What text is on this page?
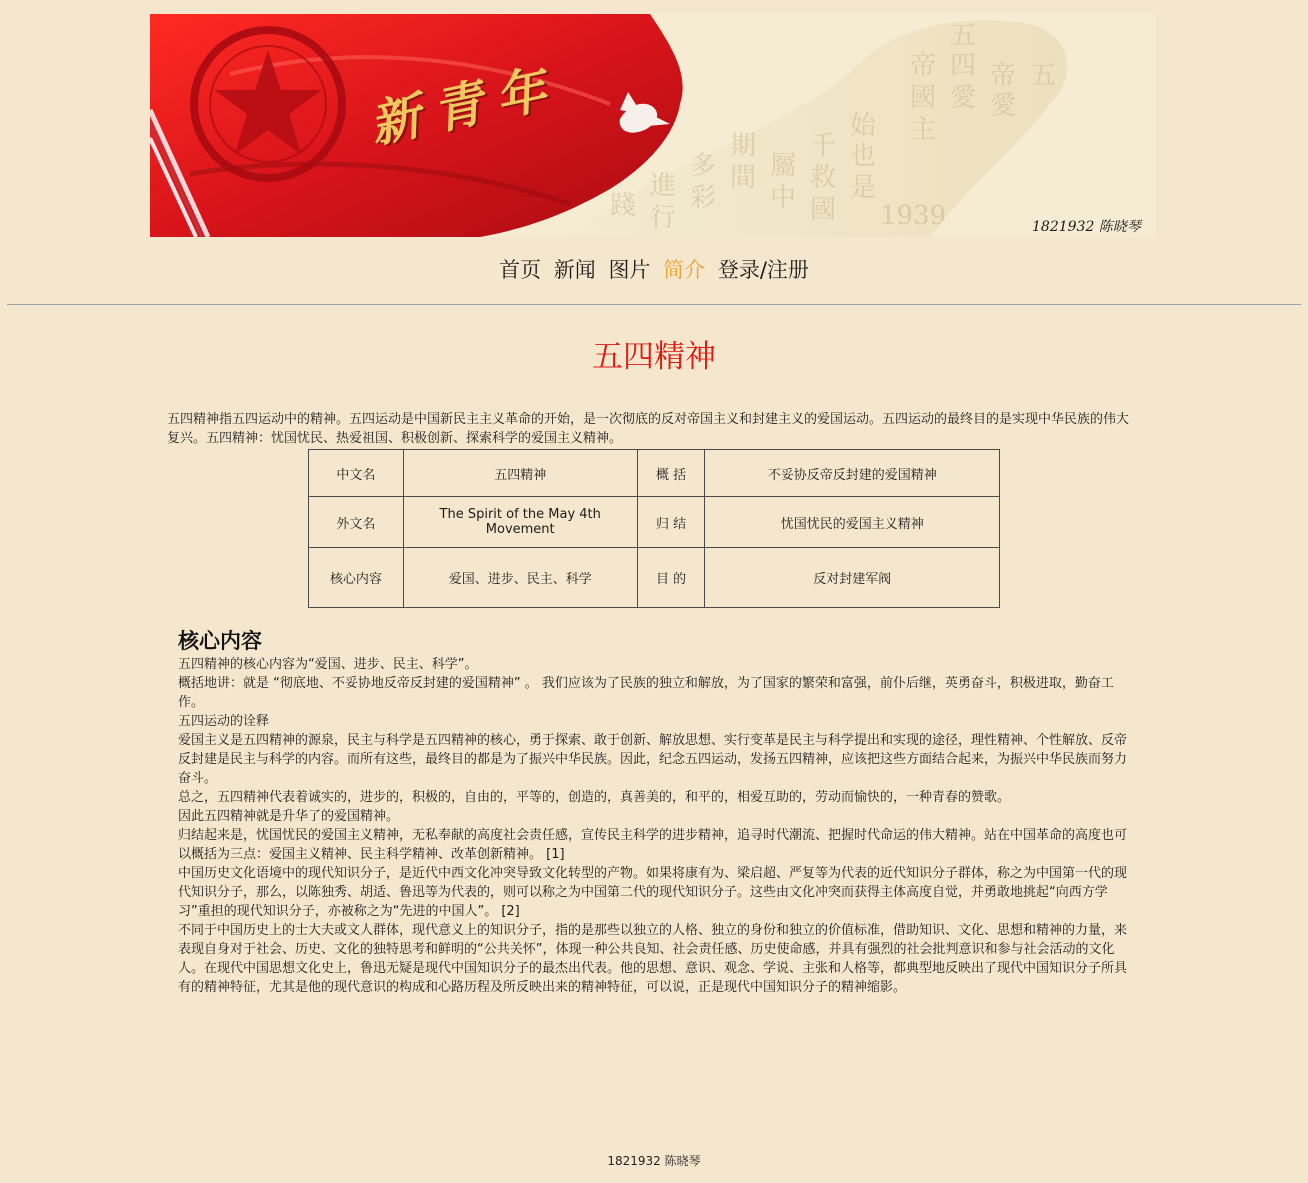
五
四
愛
帝
愛
五
帝
國
主
始
也
是
千
救
國
屬
中
期
間
多
彩
進
行
踐	1939
新青年
1821932 陈晓琴
首页 新闻 图片 简介 登录/注册
五四精神
五四精神指五四运动中的精神。五四运动是中国新民主主义革命的开始，是一次彻底的反对帝国主义和封建主义的爱国运动。五四运动的最终目的是实现中华民族的伟大复兴。五四精神：忧国忧民、热爱祖国、积极创新、探索科学的爱国主义精神。
中文名	五四精神	概 括	不妥协反帝反封建的爱国精神
外文名	The Spirit of the May 4th Movement	归 结	忧国忧民的爱国主义精神
核心内容	爱国、进步、民主、科学	目 的	反对封建军阀
核心内容

五四精神的核心内容为“爱国、进步、民主、科学”。

概括地讲：就是 “彻底地、不妥协地反帝反封建的爱国精神” 。 我们应该为了民族的独立和解放，为了国家的繁荣和富强，前仆后继，英勇奋斗，积极进取，勤奋工作。

五四运动的诠释

爱国主义是五四精神的源泉，民主与科学是五四精神的核心，勇于探索、敢于创新、解放思想、实行变革是民主与科学提出和实现的途径，理性精神、个性解放、反帝反封建是民主与科学的内容。而所有这些，最终目的都是为了振兴中华民族。因此，纪念五四运动，发扬五四精神，应该把这些方面结合起来，为振兴中华民族而努力奋斗。

总之，五四精神代表着诚实的，进步的，积极的，自由的，平等的，创造的，真善美的，和平的，相爱互助的，劳动而愉快的，一种青春的赞歌。

因此五四精神就是升华了的爱国精神。

归结起来是，忧国忧民的爱国主义精神，无私奉献的高度社会责任感，宣传民主科学的进步精神，追寻时代潮流、把握时代命运的伟大精神。站在中国革命的高度也可以概括为三点：爱国主义精神、民主科学精神、改革创新精神。 [1]

中国历史文化语境中的现代知识分子，是近代中西文化冲突导致文化转型的产物。如果将康有为、梁启超、严复等为代表的近代知识分子群体，称之为中国第一代的现代知识分子，那么，以陈独秀、胡适、鲁迅等为代表的，则可以称之为中国第二代的现代知识分子。这些由文化冲突而获得主体高度自觉，并勇敢地挑起“向西方学习”重担的现代知识分子，亦被称之为“先进的中国人”。 [2]

不同于中国历史上的士大夫或文人群体，现代意义上的知识分子，指的是那些以独立的人格、独立的身份和独立的价值标准，借助知识、文化、思想和精神的力量，来表现自身对于社会、历史、文化的独特思考和鲜明的“公共关怀”，体现一种公共良知、社会责任感、历史使命感，并具有强烈的社会批判意识和参与社会活动的文化人。在现代中国思想文化史上，鲁迅无疑是现代中国知识分子的最杰出代表。他的思想、意识、观念、学说、主张和人格等，都典型地反映出了现代中国知识分子所具有的精神特征，尤其是他的现代意识的构成和心路历程及所反映出来的精神特征，可以说，正是现代中国知识分子的精神缩影。

1821932 陈晓琴
